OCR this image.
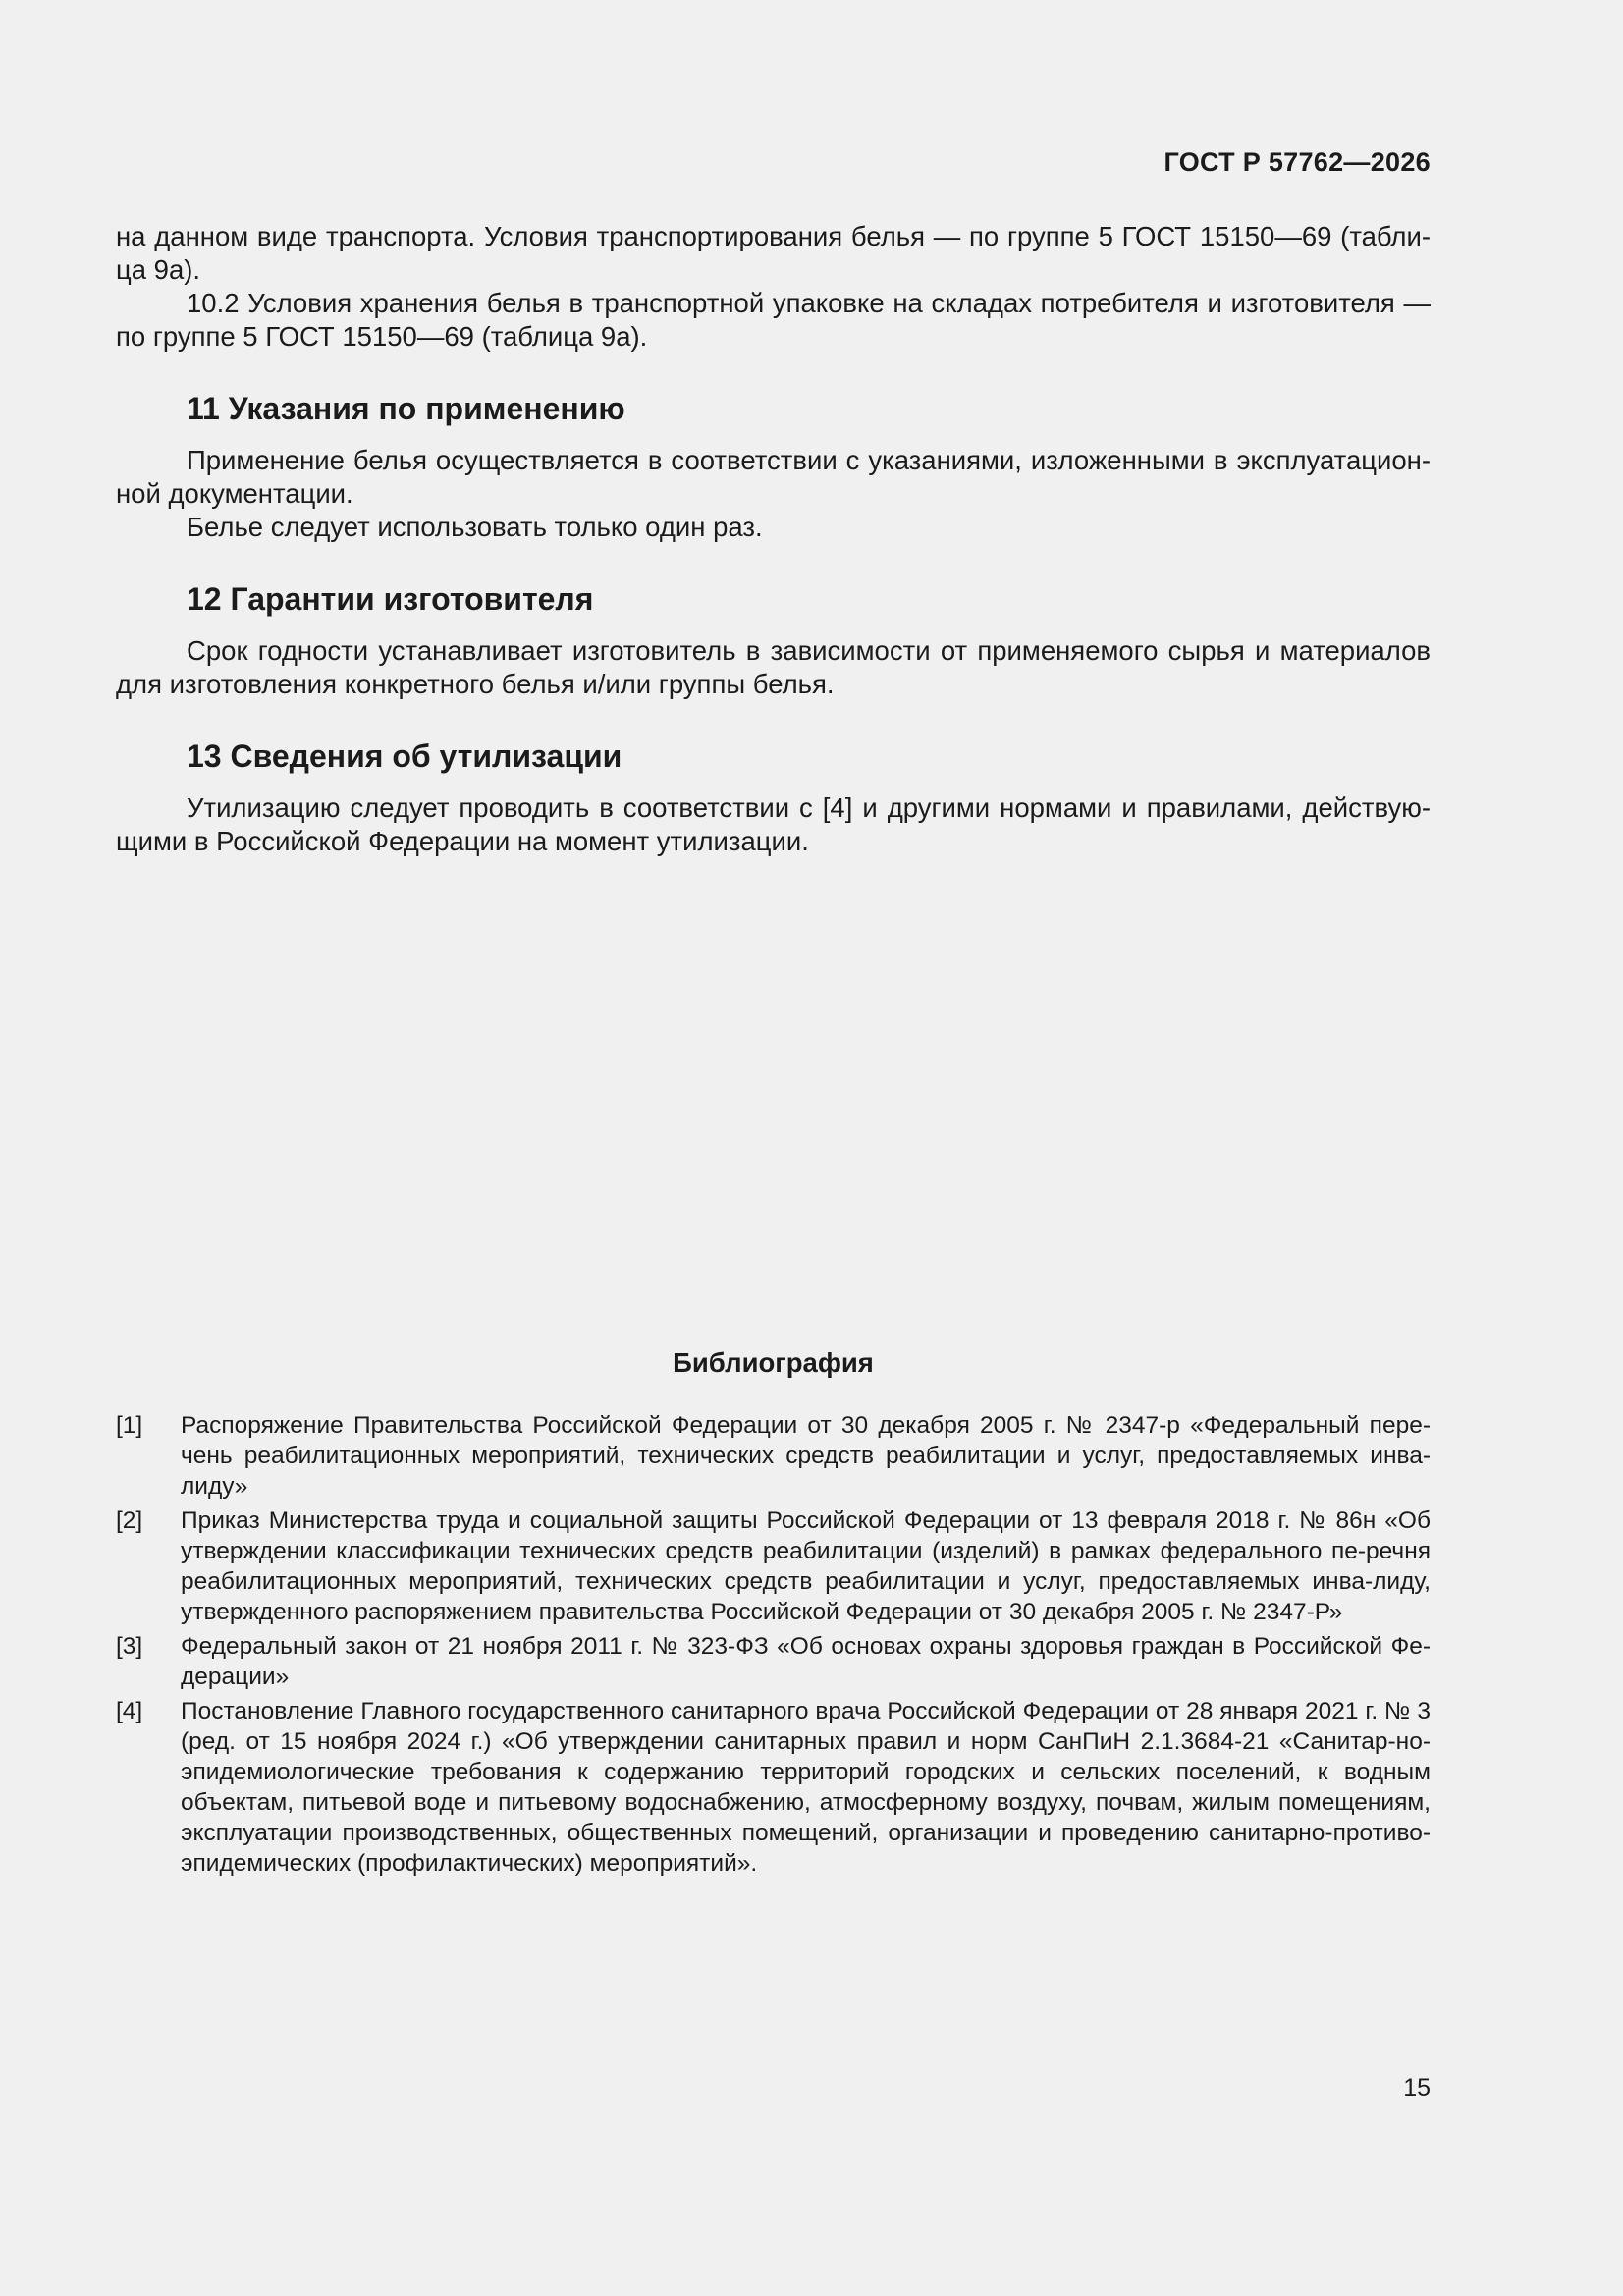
ГОСТ Р 57762—2026

на данном виде транспорта. Условия транспортирования белья — по группе 5 ГОСТ 15150—69 (табли-ца 9а).

10.2 Условия хранения белья в транспортной упаковке на складах потребителя и изготовителя — по группе 5 ГОСТ 15150—69 (таблица 9а).

11 Указания по применению

Применение белья осуществляется в соответствии с указаниями, изложенными в эксплуатацион-ной документации.

Белье следует использовать только один раз.

12 Гарантии изготовителя

Срок годности устанавливает изготовитель в зависимости от применяемого сырья и материалов для изготовления конкретного белья и/или группы белья.

13 Сведения об утилизации

Утилизацию следует проводить в соответствии с [4] и другими нормами и правилами, действую-щими в Российской Федерации на момент утилизации.

Библиография
[1]	Распоряжение Правительства Российской Федерации от 30 декабря 2005 г. № 2347-р «Федеральный пере-чень реабилитационных мероприятий, технических средств реабилитации и услуг, предоставляемых инва-лиду»
[2]	Приказ Министерства труда и социальной защиты Российской Федерации от 13 февраля 2018 г. № 86н «Об утверждении классификации технических средств реабилитации (изделий) в рамках федерального пе-речня реабилитационных мероприятий, технических средств реабилитации и услуг, предоставляемых инва-лиду, утвержденного распоряжением правительства Российской Федерации от 30 декабря 2005 г. № 2347-Р»
[3]	Федеральный закон от 21 ноября 2011 г. № 323-ФЗ «Об основах охраны здоровья граждан в Российской Фе-дерации»
[4]	Постановление Главного государственного санитарного врача Российской Федерации от 28 января 2021 г. № 3 (ред. от 15 ноября 2024 г.) «Об утверждении санитарных правил и норм СанПиН 2.1.3684-21 «Санитар-но-эпидемиологические требования к содержанию территорий городских и сельских поселений, к водным объектам, питьевой воде и питьевому водоснабжению, атмосферному воздуху, почвам, жилым помещениям, эксплуатации производственных, общественных помещений, организации и проведению санитарно-противо-эпидемических (профилактических) мероприятий».
15
